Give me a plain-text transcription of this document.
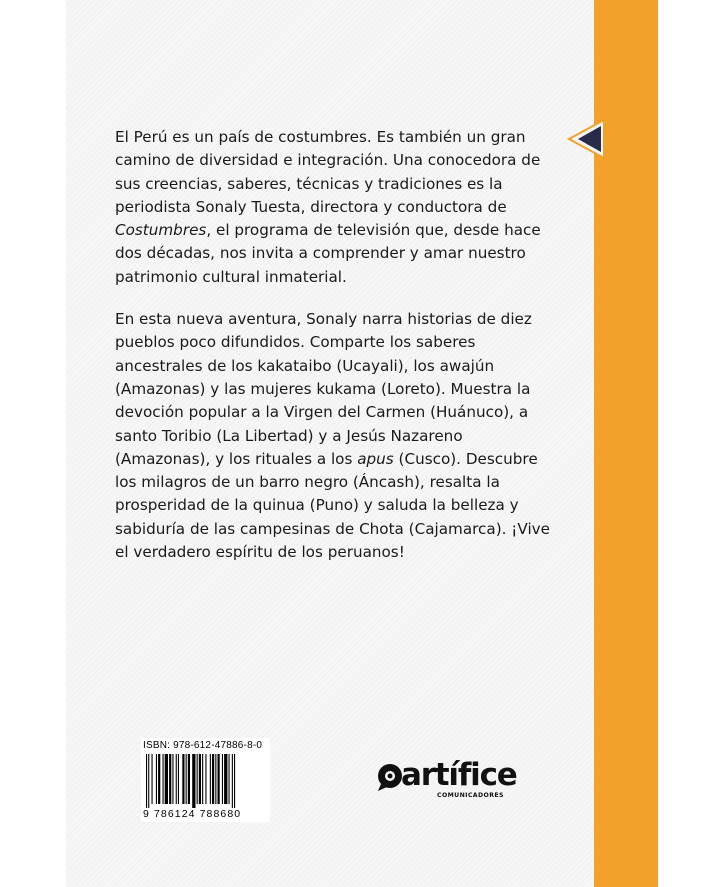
El Perú es un país de costumbres. Es también un gran camino de diversidad e integración. Una conocedora de sus creencias, saberes, técnicas y tradiciones es la periodista Sonaly Tuesta, directora y conductora de Costumbres, el programa de televisión que, desde hace dos décadas, nos invita a comprender y amar nuestro patrimonio cultural inmaterial.

En esta nueva aventura, Sonaly narra historias de diez pueblos poco difundidos. Comparte los saberes ancestrales de los kakataibo (Ucayali), los awajún (Amazonas) y las mujeres kukama (Loreto). Muestra la devoción popular a la Virgen del Carmen (Huánuco), a santo Toribio (La Libertad) y a Jesús Nazareno (Amazonas), y los rituales a los apus (Cusco). Descubre los milagros de un barro negro (Áncash), resalta la prosperidad de la quinua (Puno) y saluda la belleza y sabiduría de las campesinas de Chota (Cajamarca). ¡Vive el verdadero espíritu de los peruanos!

ISBN: 978-612-47886-8-0
9 786124 788680
artífice
COMUNICADORES
